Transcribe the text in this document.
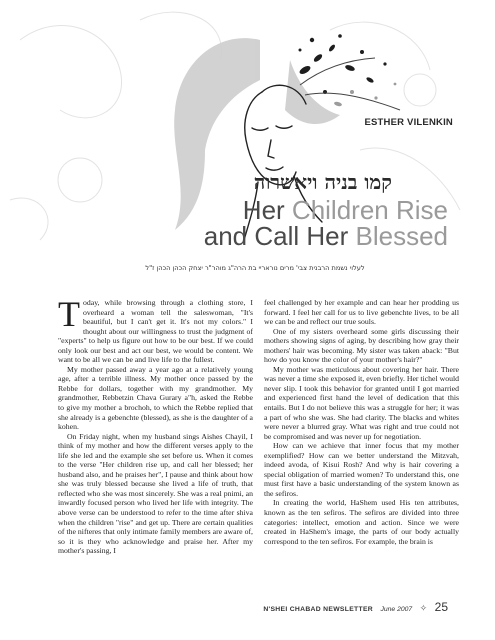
ESTHER VILENKIN
קמו בניה ויאשרוה
Her Children Rise
and Call Her Blessed
לעלוי נשמת הרבנית צבי' מרים נוראריי בת הרה"ג מוהר"ר יצחק הכהן הכהן ז"ל

Today, while browsing through a clothing store, I overheard a woman tell the saleswoman, "It's beautiful, but I can't get it. It's not my colors." I thought about our willingness to trust the judgment of "experts" to help us figure out how to be our best. If we could only look our best and act our best, we would be content. We want to be all we can be and live life to the fullest.

My mother passed away a year ago at a relatively young age, after a terrible illness. My mother once passed by the Rebbe for dollars, together with my grandmother. My grandmother, Rebbetzin Chava Gurary a"h, asked the Rebbe to give my mother a brochoh, to which the Rebbe replied that she already is a gebenchte (blessed), as she is the daughter of a kohen.

On Friday night, when my husband sings Aishes Chayil, I think of my mother and how the different verses apply to the life she led and the example she set before us. When it comes to the verse "Her children rise up, and call her blessed; her husband also, and he praises her", I pause and think about how she was truly blessed because she lived a life of truth, that reflected who she was most sincerely. She was a real pnimi, an inwardly focused person who lived her life with integrity. The above verse can be understood to refer to the time after shiva when the children "rise" and get up. There are certain qualities of the nifteres that only intimate family members are aware of, so it is they who acknowledge and praise her. After my mother's passing, I

feel challenged by her example and can hear her prodding us forward. I feel her call for us to live gebenchte lives, to be all we can be and reflect our true souls.

One of my sisters overheard some girls discussing their mothers showing signs of aging, by describing how gray their mothers' hair was becoming. My sister was taken aback: "But how do you know the color of your mother's hair?"

My mother was meticulous about covering her hair. There was never a time she exposed it, even briefly. Her tichel would never slip. I took this behavior for granted until I got married and experienced first hand the level of dedication that this entails. But I do not believe this was a struggle for her; it was a part of who she was. She had clarity. The blacks and whites were never a blurred gray. What was right and true could not be compromised and was never up for negotiation.

How can we achieve that inner focus that my mother exemplified? How can we better understand the Mitzvah, indeed avoda, of Kisui Rosh? And why is hair covering a special obligation of married women? To understand this, one must first have a basic understanding of the system known as the sefiros.

In creating the world, HaShem used His ten attributes, known as the ten sefiros. The sefiros are divided into three categories: intellect, emotion and action. Since we were created in HaShem's image, the parts of our body actually correspond to the ten sefiros. For example, the brain is

N'SHEI CHABAD NEWSLETTER June 2007 ✧ 25
